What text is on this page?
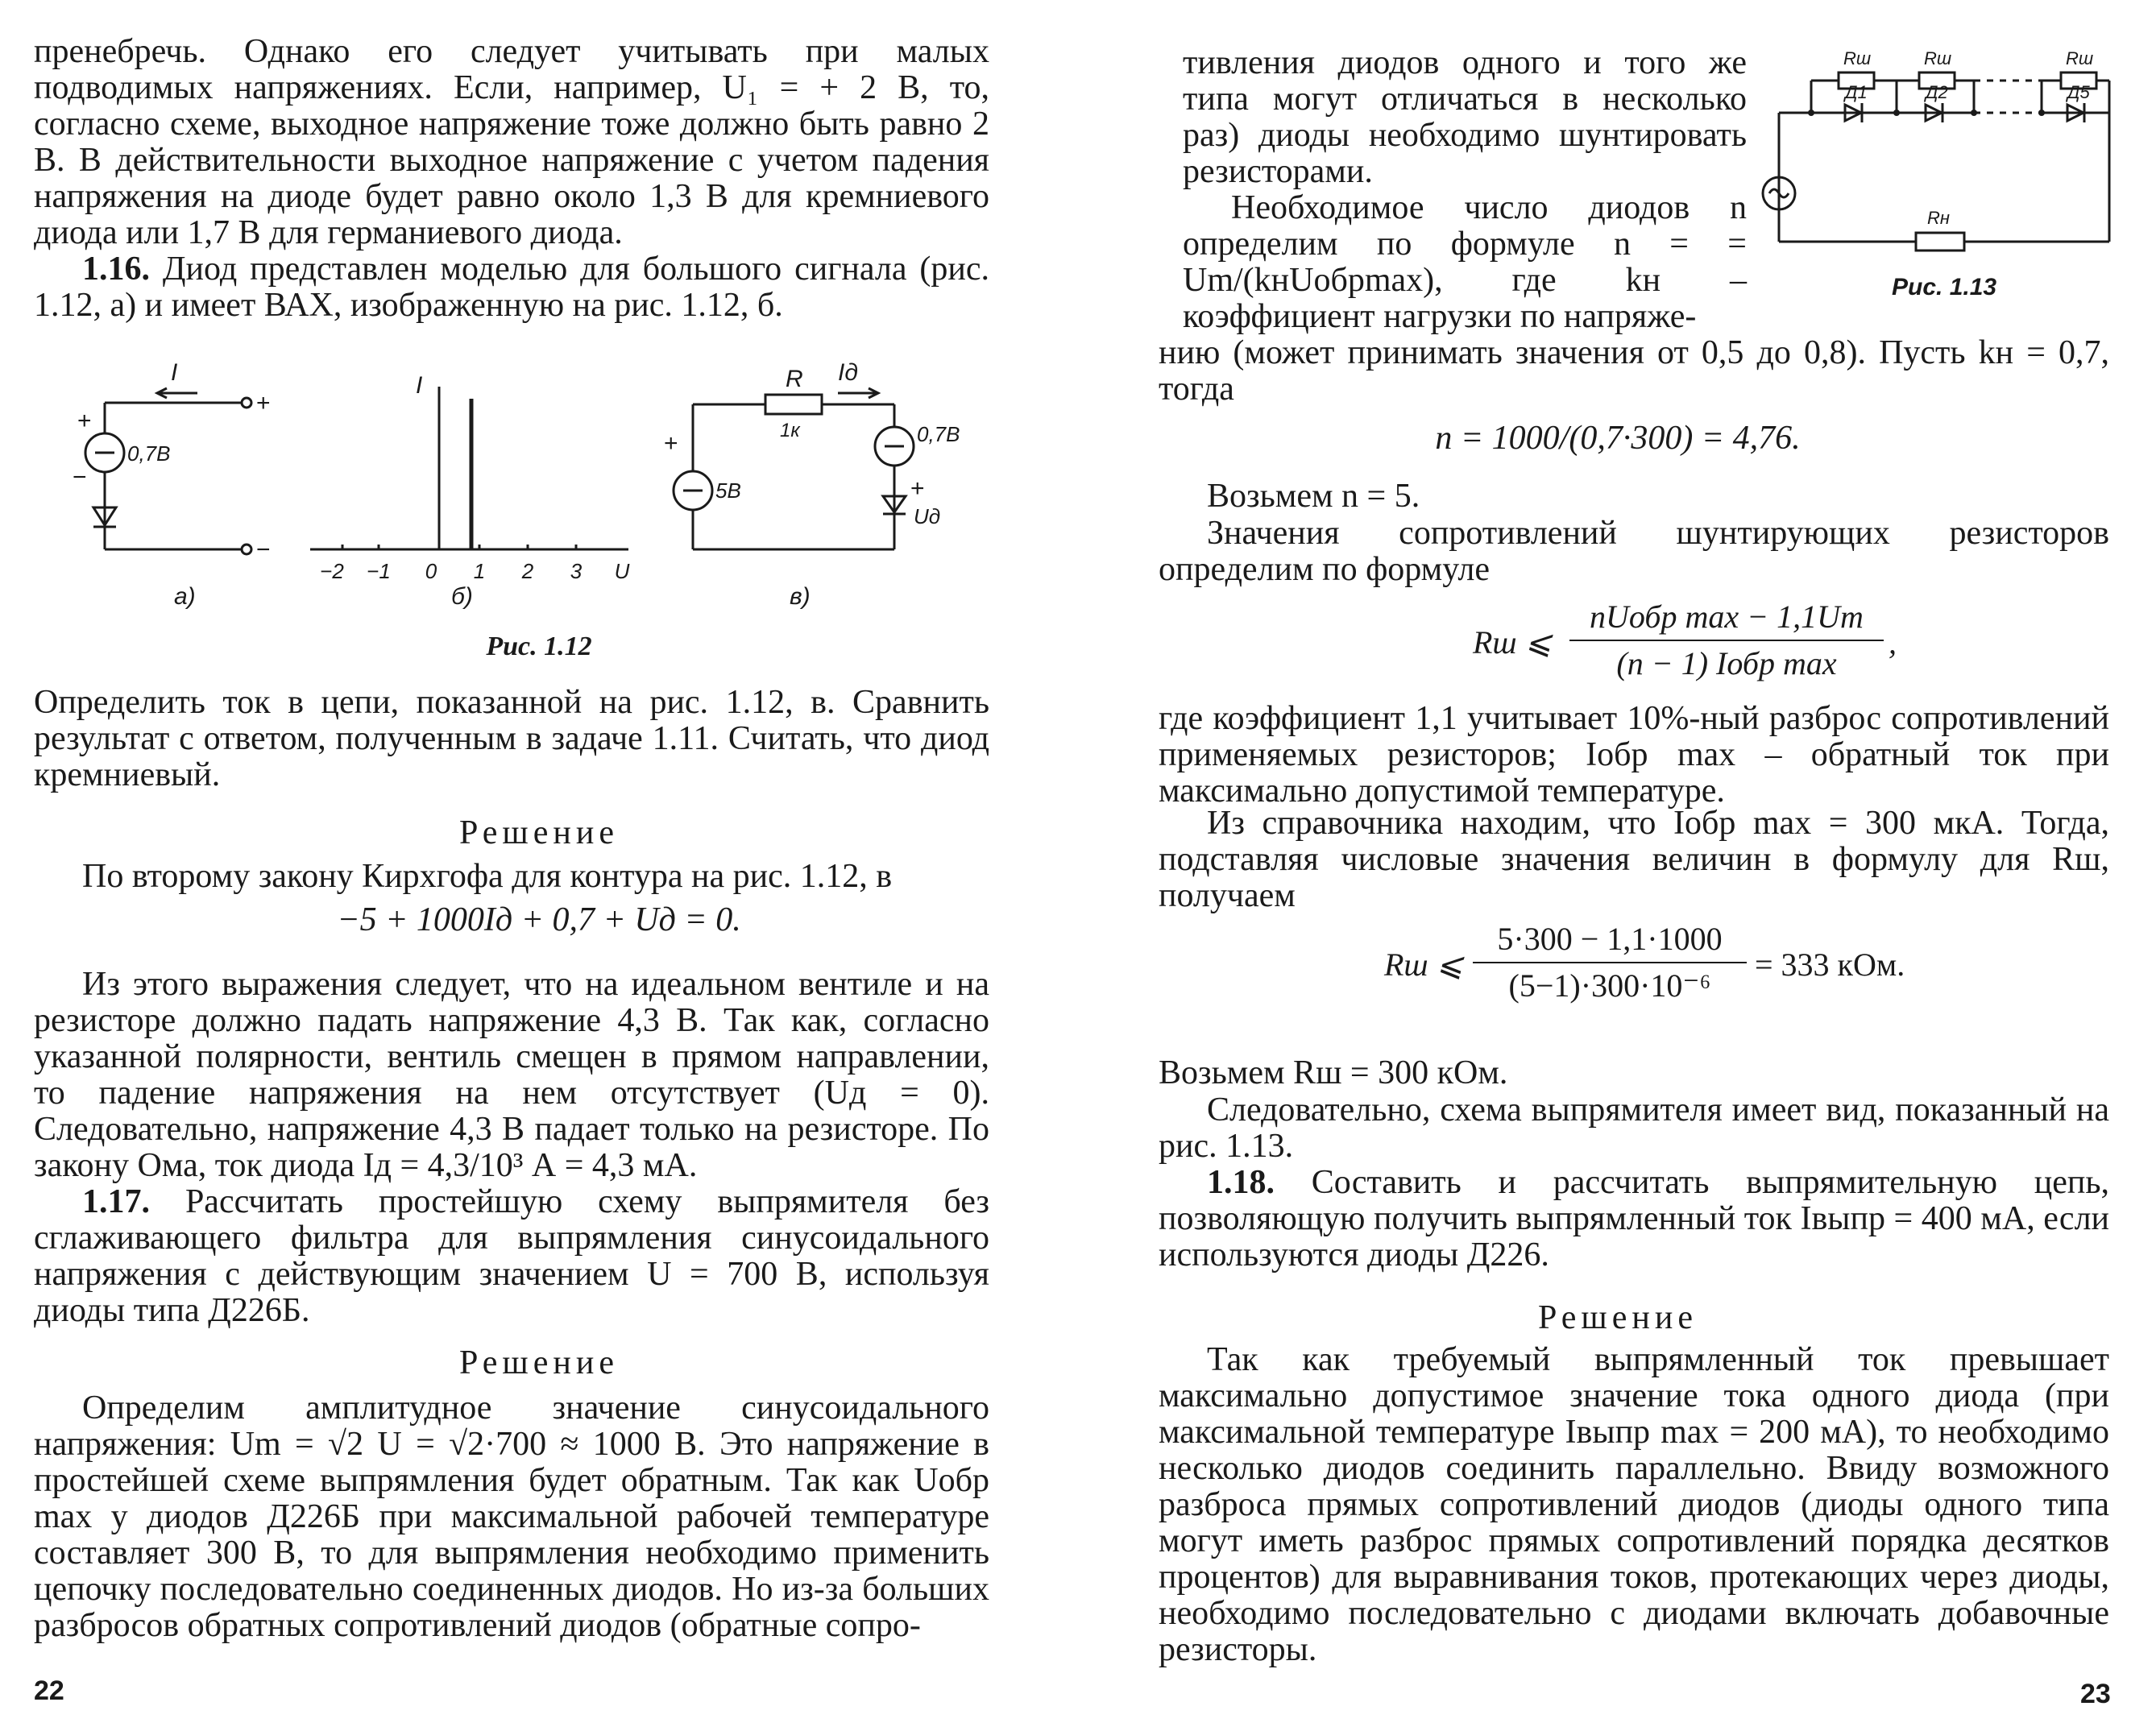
пренебречь. Однако его следует учитывать при малых подводимых напряжениях. Если, например, U₁ = + 2 В, то, согласно схеме, выходное напряжение тоже должно быть равно 2 В. В действительности выходное напряжение с учетом падения напряжения на диоде будет равно около 1,3 В для кремниевого диода или 1,7 В для германиевого диода.

1.16. Диод представлен моделью для большого сигнала (рис. 1.12, а) и имеет ВАХ, изображенную на рис. 1.12, б.

I
+
−
+
−
0,7В
а)
I
−2 −1 0 1 2 3 U
б)
R
1к
Iд
+
5В
0,7В
+
Uд
в)
Рис. 1.12

Определить ток в цепи, показанной на рис. 1.12, в. Сравнить результат с ответом, полученным в задаче 1.11. Считать, что диод кремниевый.

Решение

По второму закону Кирхгофа для контура на рис. 1.12, в

−5 + 1000Iд + 0,7 + Uд = 0.

Из этого выражения следует, что на идеальном вентиле и на резисторе должно падать напряжение 4,3 В. Так как, согласно указанной полярности, вентиль смещен в прямом направлении, то падение напряжения на нем отсутствует (Uд = 0). Следовательно, напряжение 4,3 В падает только на резисторе. По закону Ома, ток диода Iд = 4,3/10³ А = 4,3 мА.

1.17. Рассчитать простейшую схему выпрямителя без сглаживающего фильтра для выпрямления синусоидального напряжения с действующим значением U = 700 В, используя диоды типа Д226Б.

Решение

Определим амплитудное значение синусоидального напряжения: Um = √2 U = √2·700 ≈ 1000 В. Это напряжение в простейшей схеме выпрямления будет обратным. Так как Uобр max у диодов Д226Б при максимальной рабочей температуре составляет 300 В, то для выпрямления необходимо применить цепочку последовательно соединенных диодов. Но из-за больших разбросов обратных сопротивлений диодов (обратные сопро-

22

тивления диодов одного и того же типа могут отличаться в несколько раз) диоды необходимо шунтировать резисторами.

Необходимое число диодов n определим по формуле n = = Um/(kнUобрmax), где kн – коэффициент нагрузки по напряже-

Rш	Rш	Rш
Д1	Д2	Д5
Rн
Рис. 1.13

нию (может принимать значения от 0,5 до 0,8). Пусть kн = 0,7, тогда

n = 1000/(0,7·300) = 4,76.

Возьмем n = 5.

Значения сопротивлений шунтирующих резисторов определим по формуле

Rш ⩽
nUобр max − 1,1Um
(n − 1) Iобр max
,

где коэффициент 1,1 учитывает 10%-ный разброс сопротивлений применяемых резисторов; Iобр max – обратный ток при максимально допустимой температуре.

Из справочника находим, что Iобр max = 300 мкА. Тогда, подставляя числовые значения величин в формулу для Rш, получаем

Rш ⩽
5·300 − 1,1·1000
(5−1)·300·10⁻⁶
= 333 кОм.

Возьмем Rш = 300 кОм.

Следовательно, схема выпрямителя имеет вид, показанный на рис. 1.13.

1.18. Составить и рассчитать выпрямительную цепь, позволяющую получить выпрямленный ток Iвыпр = 400 мА, если используются диоды Д226.

Решение

Так как требуемый выпрямленный ток превышает максимально допустимое значение тока одного диода (при максимальной температуре Iвыпр max = 200 мА), то необходимо несколько диодов соединить параллельно. Ввиду возможного разброса прямых сопротивлений диодов (диоды одного типа могут иметь разброс прямых сопротивлений порядка десятков процентов) для выравнивания токов, протекающих через диоды, необходимо последовательно с диодами включать добавочные резисторы.

23
